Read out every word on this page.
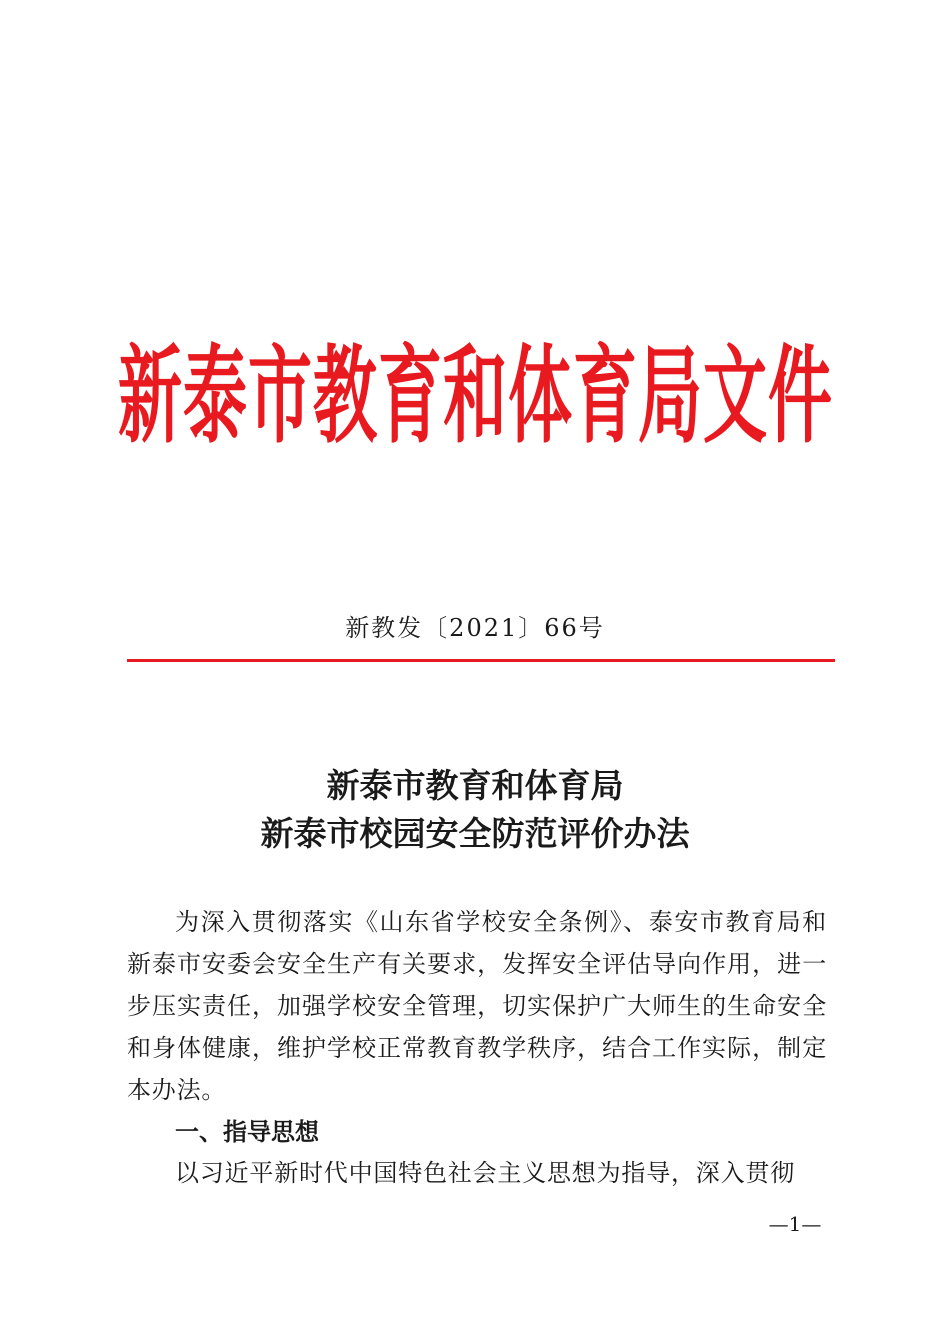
新 泰 市 教 育 和 体 育 局 文 件
新教发〔2021〕66号
新泰市教育和体育局
新泰市校园安全防范评价办法
为深入贯彻落实《山东省学校安全条例》、泰安市教育局和新泰市安委会安全生产有关要求，发挥安全评估导向作用，进一步压实责任，加强学校安全管理，切实保护广大师生的生命安全和身体健康，维护学校正常教育教学秩序，结合工作实际，制定本办法。
一、指导思想
以习近平新时代中国特色社会主义思想为指导，深入贯彻
—1—
